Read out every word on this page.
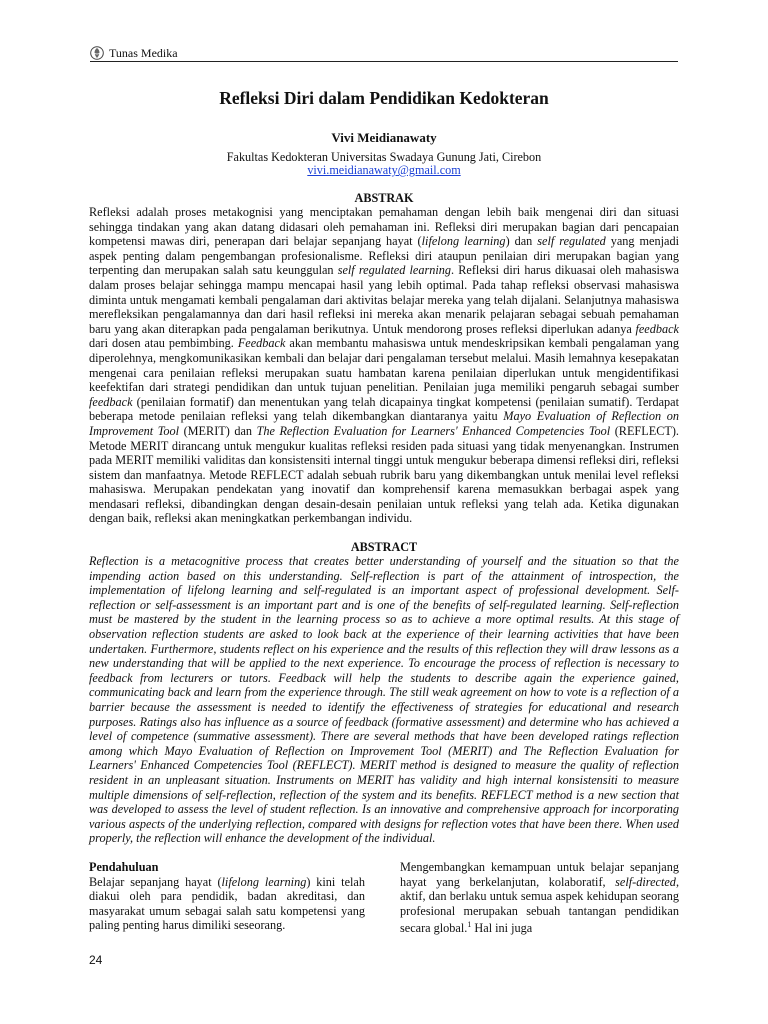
Tunas Medika
Refleksi Diri dalam Pendidikan Kedokteran
Vivi Meidianawaty
Fakultas Kedokteran Universitas Swadaya Gunung Jati, Cirebon
vivi.meidianawaty@gmail.com
ABSTRAK

Refleksi adalah proses metakognisi yang menciptakan pemahaman dengan lebih baik mengenai diri dan situasi sehingga tindakan yang akan datang didasari oleh pemahaman ini. Refleksi diri merupakan bagian dari pencapaian kompetensi mawas diri, penerapan dari belajar sepanjang hayat (lifelong learning) dan self regulated yang menjadi aspek penting dalam pengembangan profesionalisme. Refleksi diri ataupun penilaian diri merupakan bagian yang terpenting dan merupakan salah satu keunggulan self regulated learning. Refleksi diri harus dikuasai oleh mahasiswa dalam proses belajar sehingga mampu mencapai hasil yang lebih optimal. Pada tahap refleksi observasi mahasiswa diminta untuk mengamati kembali pengalaman dari aktivitas belajar mereka yang telah dijalani. Selanjutnya mahasiswa merefleksikan pengalamannya dan dari hasil refleksi ini mereka akan menarik pelajaran sebagai sebuah pemahaman baru yang akan diterapkan pada pengalaman berikutnya. Untuk mendorong proses refleksi diperlukan adanya feedback dari dosen atau pembimbing. Feedback akan membantu mahasiswa untuk mendeskripsikan kembali pengalaman yang diperolehnya, mengkomunikasikan kembali dan belajar dari pengalaman tersebut melalui. Masih lemahnya kesepakatan mengenai cara penilaian refleksi merupakan suatu hambatan karena penilaian diperlukan untuk mengidentifikasi keefektifan dari strategi pendidikan dan untuk tujuan penelitian. Penilaian juga memiliki pengaruh sebagai sumber feedback (penilaian formatif) dan menentukan yang telah dicapainya tingkat kompetensi (penilaian sumatif). Terdapat beberapa metode penilaian refleksi yang telah dikembangkan diantaranya yaitu Mayo Evaluation of Reflection on Improvement Tool (MERIT) dan The Reflection Evaluation for Learners' Enhanced Competencies Tool (REFLECT). Metode MERIT dirancang untuk mengukur kualitas refleksi residen pada situasi yang tidak menyenangkan. Instrumen pada MERIT memiliki validitas dan konsistensiti internal tinggi untuk mengukur beberapa dimensi refleksi diri, refleksi sistem dan manfaatnya. Metode REFLECT adalah sebuah rubrik baru yang dikembangkan untuk menilai level refleksi mahasiswa. Merupakan pendekatan yang inovatif dan komprehensif karena memasukkan berbagai aspek yang mendasari refleksi, dibandingkan dengan desain-desain penilaian untuk refleksi yang telah ada. Ketika digunakan dengan baik, refleksi akan meningkatkan perkembangan individu.

ABSTRACT

Reflection is a metacognitive process that creates better understanding of yourself and the situation so that the impending action based on this understanding. Self-reflection is part of the attainment of introspection, the implementation of lifelong learning and self-regulated is an important aspect of professional development. Self-reflection or self-assessment is an important part and is one of the benefits of self-regulated learning. Self-reflection must be mastered by the student in the learning process so as to achieve a more optimal results. At this stage of observation reflection students are asked to look back at the experience of their learning activities that have been undertaken. Furthermore, students reflect on his experience and the results of this reflection they will draw lessons as a new understanding that will be applied to the next experience. To encourage the process of reflection is necessary to feedback from lecturers or tutors. Feedback will help the students to describe again the experience gained, communicating back and learn from the experience through. The still weak agreement on how to vote is a reflection of a barrier because the assessment is needed to identify the effectiveness of strategies for educational and research purposes. Ratings also has influence as a source of feedback (formative assessment) and determine who has achieved a level of competence (summative assessment). There are several methods that have been developed ratings reflection among which Mayo Evaluation of Reflection on Improvement Tool (MERIT) and The Reflection Evaluation for Learners' Enhanced Competencies Tool (REFLECT). MERIT method is designed to measure the quality of reflection resident in an unpleasant situation. Instruments on MERIT has validity and high internal konsistensiti to measure multiple dimensions of self-reflection, reflection of the system and its benefits. REFLECT method is a new section that was developed to assess the level of student reflection. Is an innovative and comprehensive approach for incorporating various aspects of the underlying reflection, compared with designs for reflection votes that have been there. When used properly, the reflection will enhance the development of the individual.

Pendahuluan

Belajar sepanjang hayat (lifelong learning) kini telah diakui oleh para pendidik, badan akreditasi, dan masyarakat umum sebagai salah satu kompetensi yang paling penting harus dimiliki seseorang.

Mengembangkan kemampuan untuk belajar sepanjang hayat yang berkelanjutan, kolaboratif, self-directed, aktif, dan berlaku untuk semua aspek kehidupan seorang profesional merupakan sebuah tantangan pendidikan secara global.$^1$ Hal ini juga

24
